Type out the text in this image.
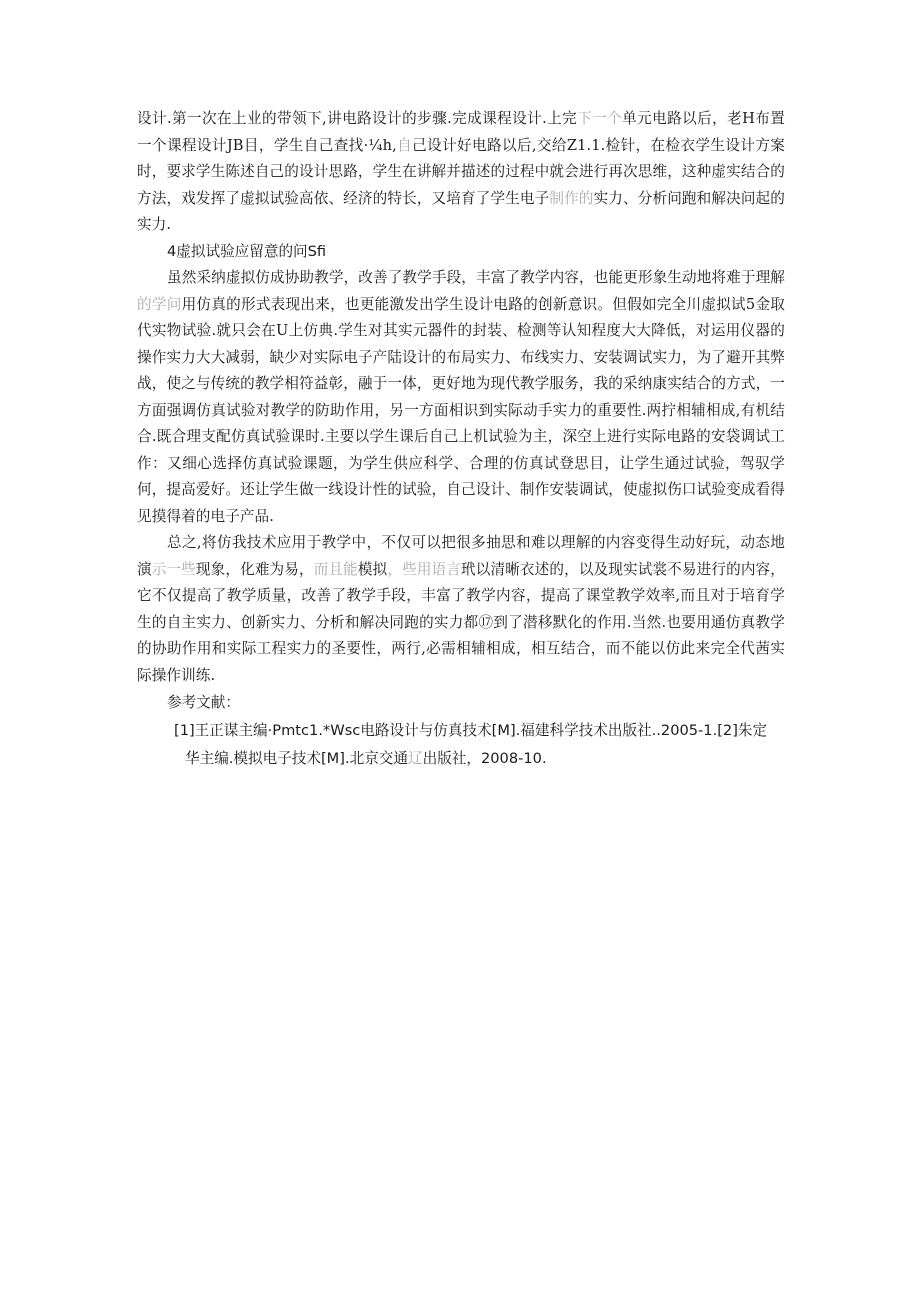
设计.第一次在上业的带领下,讲电路设计的步骤.完成课程设计.上完下一个单元电路以后，老H布置一个课程设计JB目，学生自己查找·¼h,自己设计好电路以后,交给Z1.1.检针，在检衣学生设计方案时，要求学生陈述自己的设计思路，学生在讲解并描述的过程中就会进行再次思维，这种虚实结合的方法，戏发挥了虚拟试验高依、经济的特长，又培育了学生电子制作的实力、分析问跑和解决问起的实力.

4虚拟试验应留意的问Sfi

虽然采纳虚拟仿成协助教学，改善了教学手段，丰富了教学内容，也能更形象生动地将难于理解的学问用仿真的形式表现出来，也更能激发出学生设计电路的创新意识。但假如完全川虚拟试5金取代实物试验.就只会在U上仿典.学生对其实元器件的封装、检测等认知程度大大降低，对运用仪器的操作实力大大减弱，缺少对实际电子产陆设计的布局实力、布线实力、安装调试实力，为了避开其弊战，使之与传统的教学相符益彰，融于一体，更好地为现代教学服务，我的采纳康实结合的方式，一方面强调仿真试验对教学的防助作用，另一方面相识到实际动手实力的重要性.两拧相辅相成,有机结合.既合理支配仿真试验课时.主要以学生课后自己上机试验为主，深空上进行实际电路的安袋调试工作：又细心选择仿真试验课题，为学生供应科学、合理的仿真试登思目，让学生通过试验，驾驭学何，提高爱好。还让学生做一线设计性的试验，自己设计、制作安装调试，使虚拟伤口试验变成看得见摸得着的电子产品.

总之,将仿我技术应用于教学中，不仅可以把很多抽思和难以理解的内容变得生动好玩，动态地演示一些现象，化难为易，而且能模拟，些用语言玳以清晰衣述的，以及现实试裳不易进行的内容，它不仅提高了教学质量，改善了教学手段，丰富了教学内容，提高了课堂教学效率,而且对于培育学生的自主实力、创新实力、分析和解决同跑的实力都⑰到了潜移默化的作用.当然.也要用通仿真教学的协助作用和实际工程实力的圣要性，两行,必需相辅相成，相互结合，而不能以仿此来完全代茜实际操作训练.

参考文献：

[1]王正谋主编·Pmtc1.*Wsc电路设计与仿真技术[M].福建科学技术出版社..2005-1.[2]朱定

华主编.模拟电子技术[M].北京交通辽出版社，2008-10.
